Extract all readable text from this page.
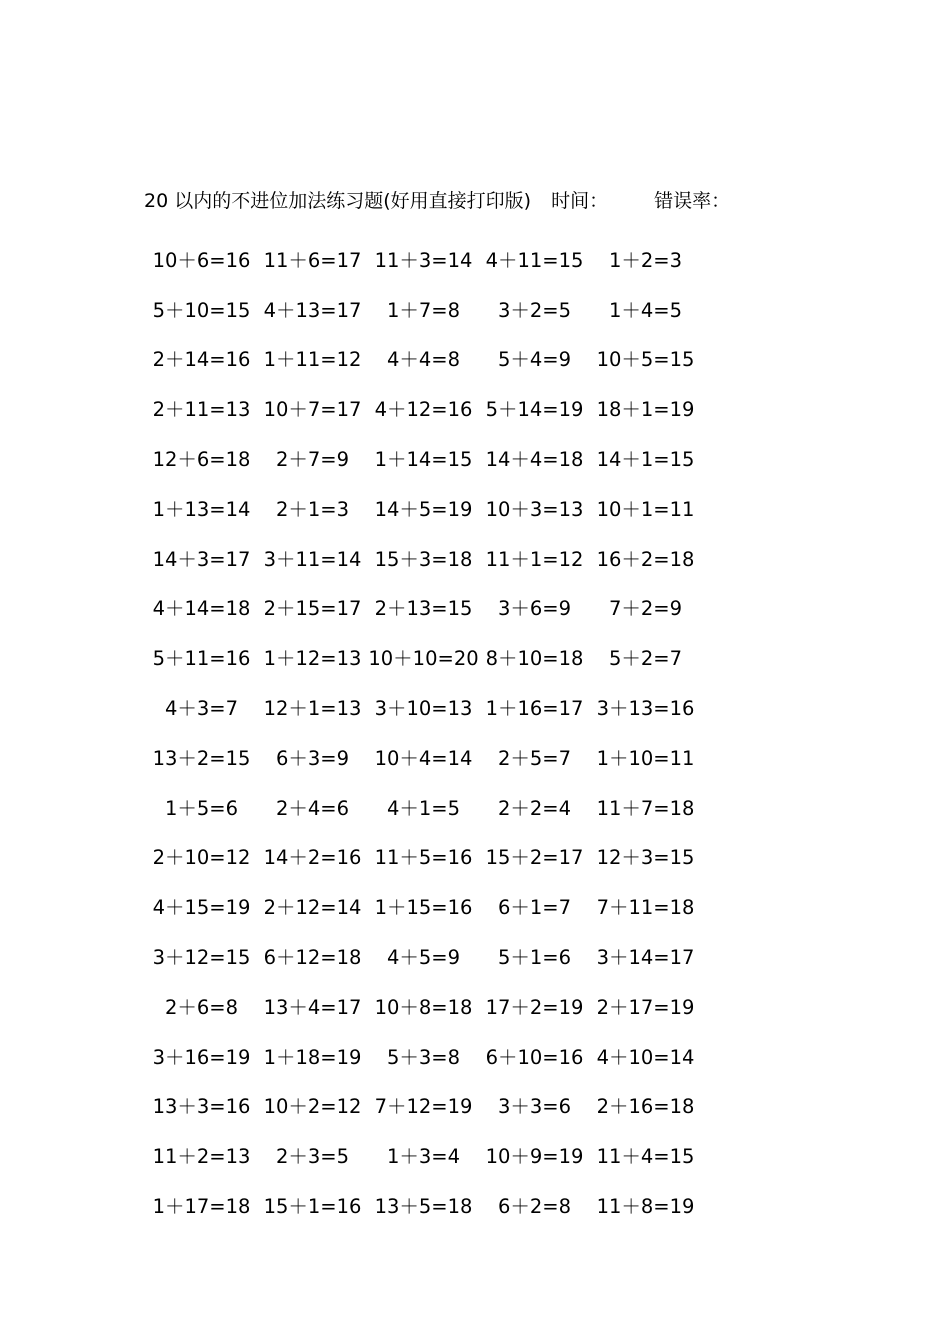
20 以内的不进位加法练习题(好用直接打印版) 时间： 错误率：
10＋6=16 11＋6=17 11＋3=14 4＋11=15	1＋2=3
5＋10=15 4＋13=17	1＋7=8	3＋2=5	1＋4=5
2＋14=16 1＋11=12	4＋4=8	5＋4=9	10＋5=15
2＋11=13 10＋7=17 4＋12=16 5＋14=19 18＋1=19
12＋6=18	2＋7=9	1＋14=15 14＋4=18 14＋1=15
1＋13=14	2＋1=3	14＋5=19 10＋3=13 10＋1=11
14＋3=17 3＋11=14 15＋3=18 11＋1=12 16＋2=18
4＋14=18 2＋15=17 2＋13=15	3＋6=9	7＋2=9
5＋11=16 1＋12=13 10＋10=20 8＋10=18	5＋2=7
4＋3=7	12＋1=13 3＋10=13 1＋16=17 3＋13=16
13＋2=15	6＋3=9	10＋4=14	2＋5=7	1＋10=11
1＋5=6	2＋4=6	4＋1=5	2＋2=4	11＋7=18
2＋10=12 14＋2=16 11＋5=16 15＋2=17 12＋3=15
4＋15=19 2＋12=14 1＋15=16	6＋1=7	7＋11=18
3＋12=15 6＋12=18	4＋5=9	5＋1=6	3＋14=17
2＋6=8	13＋4=17 10＋8=18 17＋2=19 2＋17=19
3＋16=19 1＋18=19	5＋3=8	6＋10=16 4＋10=14
13＋3=16 10＋2=12 7＋12=19	3＋3=6	2＋16=18
11＋2=13	2＋3=5	1＋3=4	10＋9=19 11＋4=15
1＋17=18 15＋1=16 13＋5=18	6＋2=8	11＋8=19
